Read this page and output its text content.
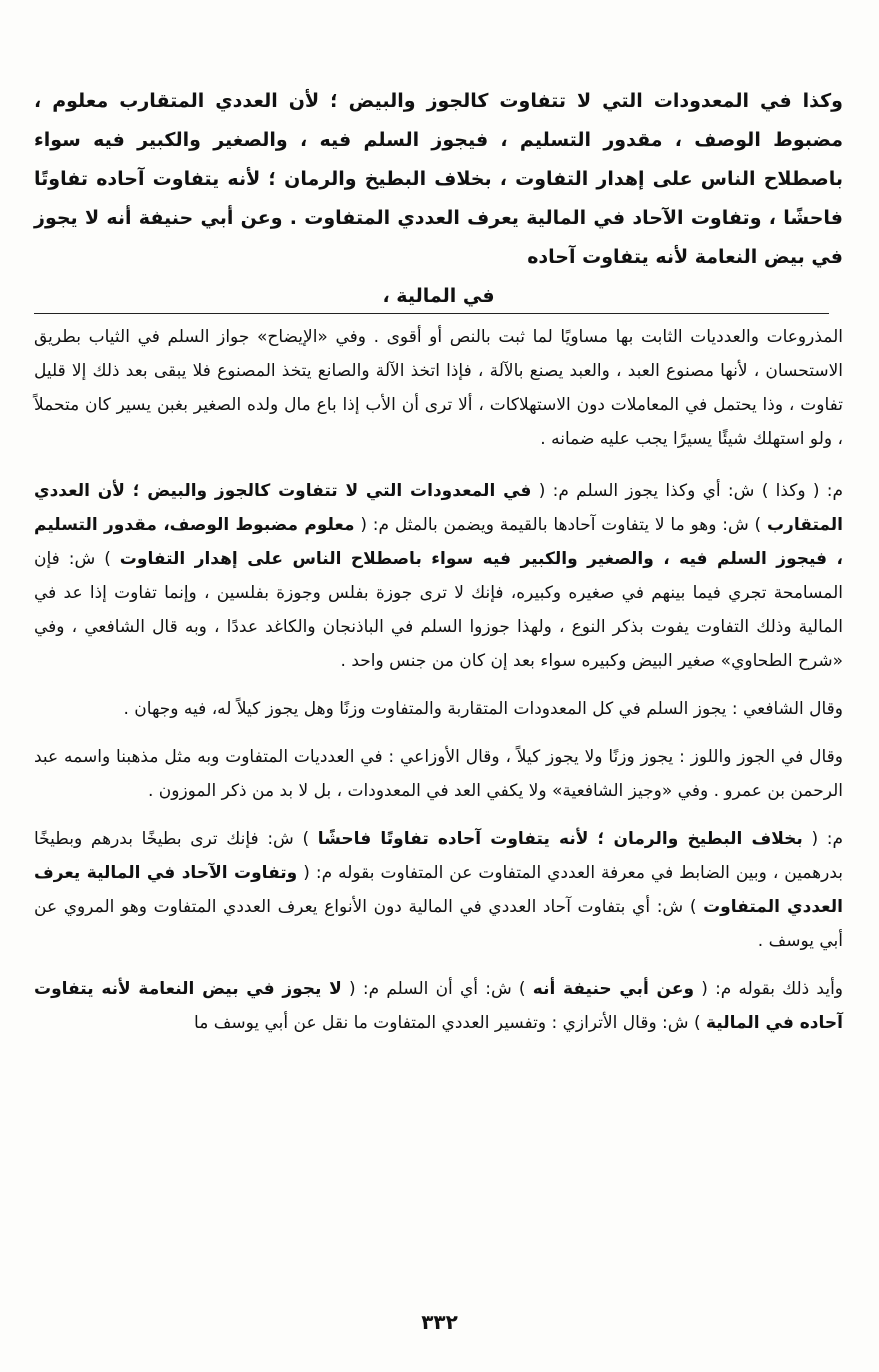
وكذا في المعدودات التي لا تتفاوت كالجوز والبيض ؛ لأن العددي المتقارب معلوم ، مضبوط الوصف ، مقدور التسليم ، فيجوز السلم فيه ، والصغير والكبير فيه سواء باصطلاح الناس على إهدار التفاوت ، بخلاف البطيخ والرمان ؛ لأنه يتفاوت آحاده تفاوتًا فاحشًا ، وتفاوت الآحاد في المالية يعرف العددي المتفاوت . وعن أبي حنيفة أنه لا يجوز في بيض النعامة لأنه يتفاوت آحاده

في المالية ،

المذروعات والعدديات الثابت بها مساويًا لما ثبت بالنص أو أقوى . وفي «الإيضاح» جواز السلم في الثياب بطريق الاستحسان ، لأنها مصنوع العبد ، والعبد يصنع بالآلة ، فإذا اتخذ الآلة والصانع يتخذ المصنوع فلا يبقى بعد ذلك إلا قليل تفاوت ، وذا يحتمل في المعاملات دون الاستهلاكات ، ألا ترى أن الأب إذا باع مال ولده الصغير بغبن يسير كان متحملاً ، ولو استهلك شيئًا يسيرًا يجب عليه ضمانه .

م: ( وكذا ) ش: أي وكذا يجوز السلم م: ( في المعدودات التي لا تتفاوت كالجوز والبيض ؛ لأن العددي المتقارب ) ش: وهو ما لا يتفاوت آحادها بالقيمة ويضمن بالمثل م: ( معلوم مضبوط الوصف، مقدور التسليم ، فيجوز السلم فيه ، والصغير والكبير فيه سواء باصطلاح الناس على إهدار التفاوت ) ش: فإن المسامحة تجري فيما بينهم في صغيره وكبيره، فإنك لا ترى جوزة بفلس وجوزة بفلسين ، وإنما تفاوت إذا عد في المالية وذلك التفاوت يفوت بذكر النوع ، ولهذا جوزوا السلم في الباذنجان والكاغد عددًا ، وبه قال الشافعي ، وفي «شرح الطحاوي» صغير البيض وكبيره سواء بعد إن كان من جنس واحد .

وقال الشافعي : يجوز السلم في كل المعدودات المتقاربة والمتفاوت وزنًا وهل يجوز كيلاً له، فيه وجهان .

وقال في الجوز واللوز : يجوز وزنًا ولا يجوز كيلاً ، وقال الأوزاعي : في العدديات المتفاوت وبه مثل مذهبنا واسمه عبد الرحمن بن عمرو . وفي «وجيز الشافعية» ولا يكفي العد في المعدودات ، بل لا بد من ذكر الموزون .

م: ( بخلاف البطيخ والرمان ؛ لأنه يتفاوت آحاده تفاوتًا فاحشًا ) ش: فإنك ترى بطيخًا بدرهم وبطيخًا بدرهمين ، وبين الضابط في معرفة العددي المتفاوت عن المتفاوت بقوله م: ( وتفاوت الآحاد في المالية يعرف العددي المتفاوت ) ش: أي بتفاوت آحاد العددي في المالية دون الأنواع يعرف العددي المتفاوت وهو المروي عن أبي يوسف .

وأيد ذلك بقوله م: ( وعن أبي حنيفة أنه ) ش: أي أن السلم م: ( لا يجوز في بيض النعامة لأنه يتفاوت آحاده في المالية ) ش: وقال الأترازي : وتفسير العددي المتفاوت ما نقل عن أبي يوسف ما

٣٣٢
